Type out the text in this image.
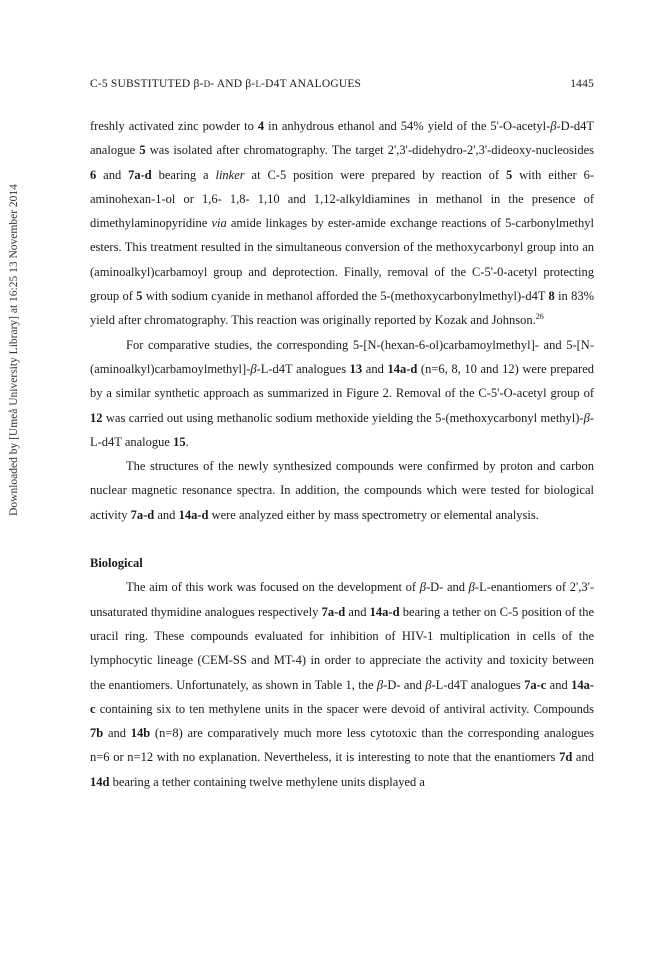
C-5 SUBSTITUTED β-D- AND β-L-D4T ANALOGUES	1445
Downloaded by [Umeå University Library] at 16:25 13 November 2014

freshly activated zinc powder to 4 in anhydrous ethanol and 54% yield of the 5'-O-acetyl-β-D-d4T analogue 5 was isolated after chromatography. The target 2',3'-didehydro-2',3'-dideoxy-nucleosides 6 and 7a-d bearing a linker at C-5 position were prepared by reaction of 5 with either 6-aminohexan-1-ol or 1,6- 1,8- 1,10 and 1,12-alkyldiamines in methanol in the presence of dimethylaminopyridine via amide linkages by ester-amide exchange reactions of 5-carbonylmethyl esters. This treatment resulted in the simultaneous conversion of the methoxycarbonyl group into an (aminoalkyl)carbamoyl group and deprotection. Finally, removal of the C-5'-0-acetyl protecting group of 5 with sodium cyanide in methanol afforded the 5-(methoxycarbonylmethyl)-d4T 8 in 83% yield after chromatography. This reaction was originally reported by Kozak and Johnson.$^{26}$

For comparative studies, the corresponding 5-[N-(hexan-6-ol)carbamoylmethyl]- and 5-[N-(aminoalkyl)carbamoylmethyl]-β-L-d4T analogues 13 and 14a-d (n=6, 8, 10 and 12) were prepared by a similar synthetic approach as summarized in Figure 2. Removal of the C-5'-O-acetyl group of 12 was carried out using methanolic sodium methoxide yielding the 5-(methoxycarbonyl methyl)-β-L-d4T analogue 15.

The structures of the newly synthesized compounds were confirmed by proton and carbon nuclear magnetic resonance spectra. In addition, the compounds which were tested for biological activity 7a-d and 14a-d were analyzed either by mass spectrometry or elemental analysis.

Biological

The aim of this work was focused on the development of β-D- and β-L-enantiomers of 2',3'-unsaturated thymidine analogues respectively 7a-d and 14a-d bearing a tether on C-5 position of the uracil ring. These compounds evaluated for inhibition of HIV-1 multiplication in cells of the lymphocytic lineage (CEM-SS and MT-4) in order to appreciate the activity and toxicity between the enantiomers. Unfortunately, as shown in Table 1, the β-D- and β-L-d4T analogues 7a-c and 14a-c containing six to ten methylene units in the spacer were devoid of antiviral activity. Compounds 7b and 14b (n=8) are comparatively much more less cytotoxic than the corresponding analogues n=6 or n=12 with no explanation. Nevertheless, it is interesting to note that the enantiomers 7d and 14d bearing a tether containing twelve methylene units displayed a
